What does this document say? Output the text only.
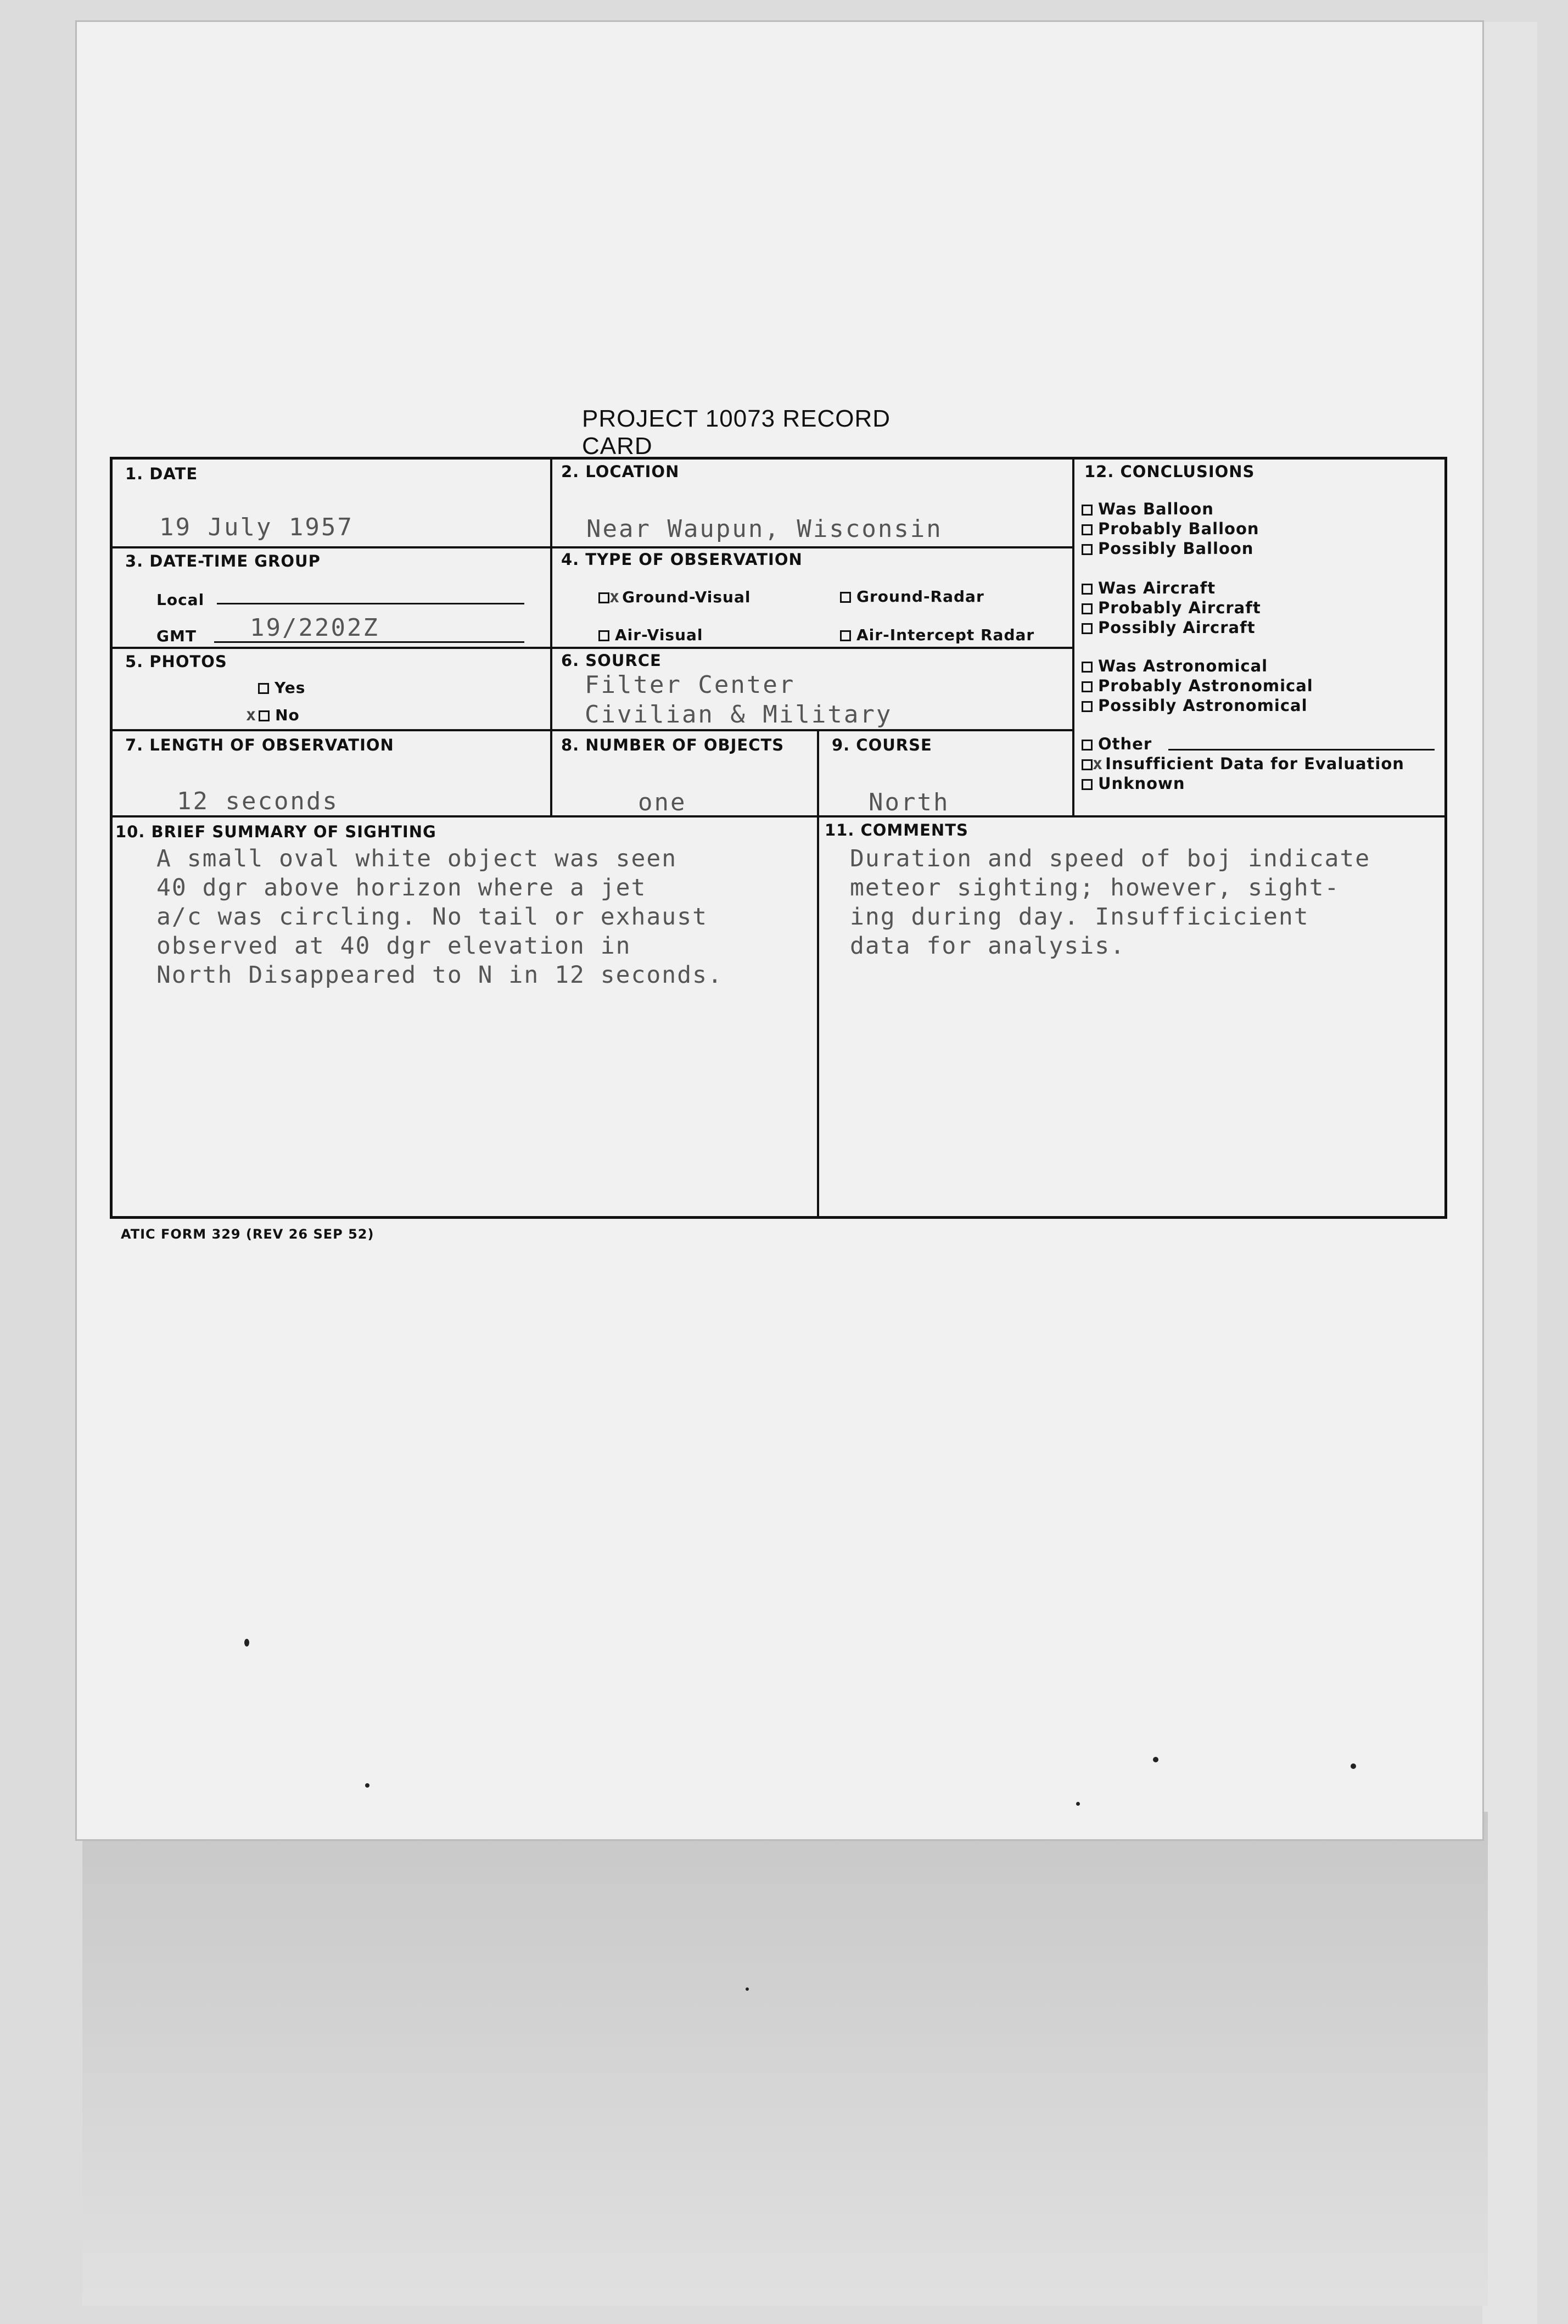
PROJECT 10073 RECORD CARD
1. DATE
19 July 1957
2. LOCATION
Near Waupun, Wisconsin
3. DATE-TIME GROUP
Local
GMT 19/2202Z
4. TYPE OF OBSERVATION
x Ground-Visual	Ground-Radar
Air-Visual	Air-Intercept Radar
5. PHOTOS
Yes
x No
6. SOURCE
Filter Center
Civilian & Military
7. LENGTH OF OBSERVATION
12 seconds
8. NUMBER OF OBJECTS
one
9. COURSE
North
10. BRIEF SUMMARY OF SIGHTING
A small oval white object was seen
40 dgr above horizon where a jet
a/c was circling. No tail or exhaust
observed at 40 dgr elevation in
North Disappeared to N in 12 seconds.
11. COMMENTS
Duration and speed of boj indicate
meteor sighting; however, sight-
ing during day. Insufficicient
data for analysis.
12. CONCLUSIONS
Was Balloon
Probably Balloon
Possibly Balloon
Was Aircraft
Probably Aircraft
Possibly Aircraft
Was Astronomical
Probably Astronomical
Possibly Astronomical
Other
x Insufficient Data for Evaluation
Unknown
ATIC FORM 329 (REV 26 SEP 52)
